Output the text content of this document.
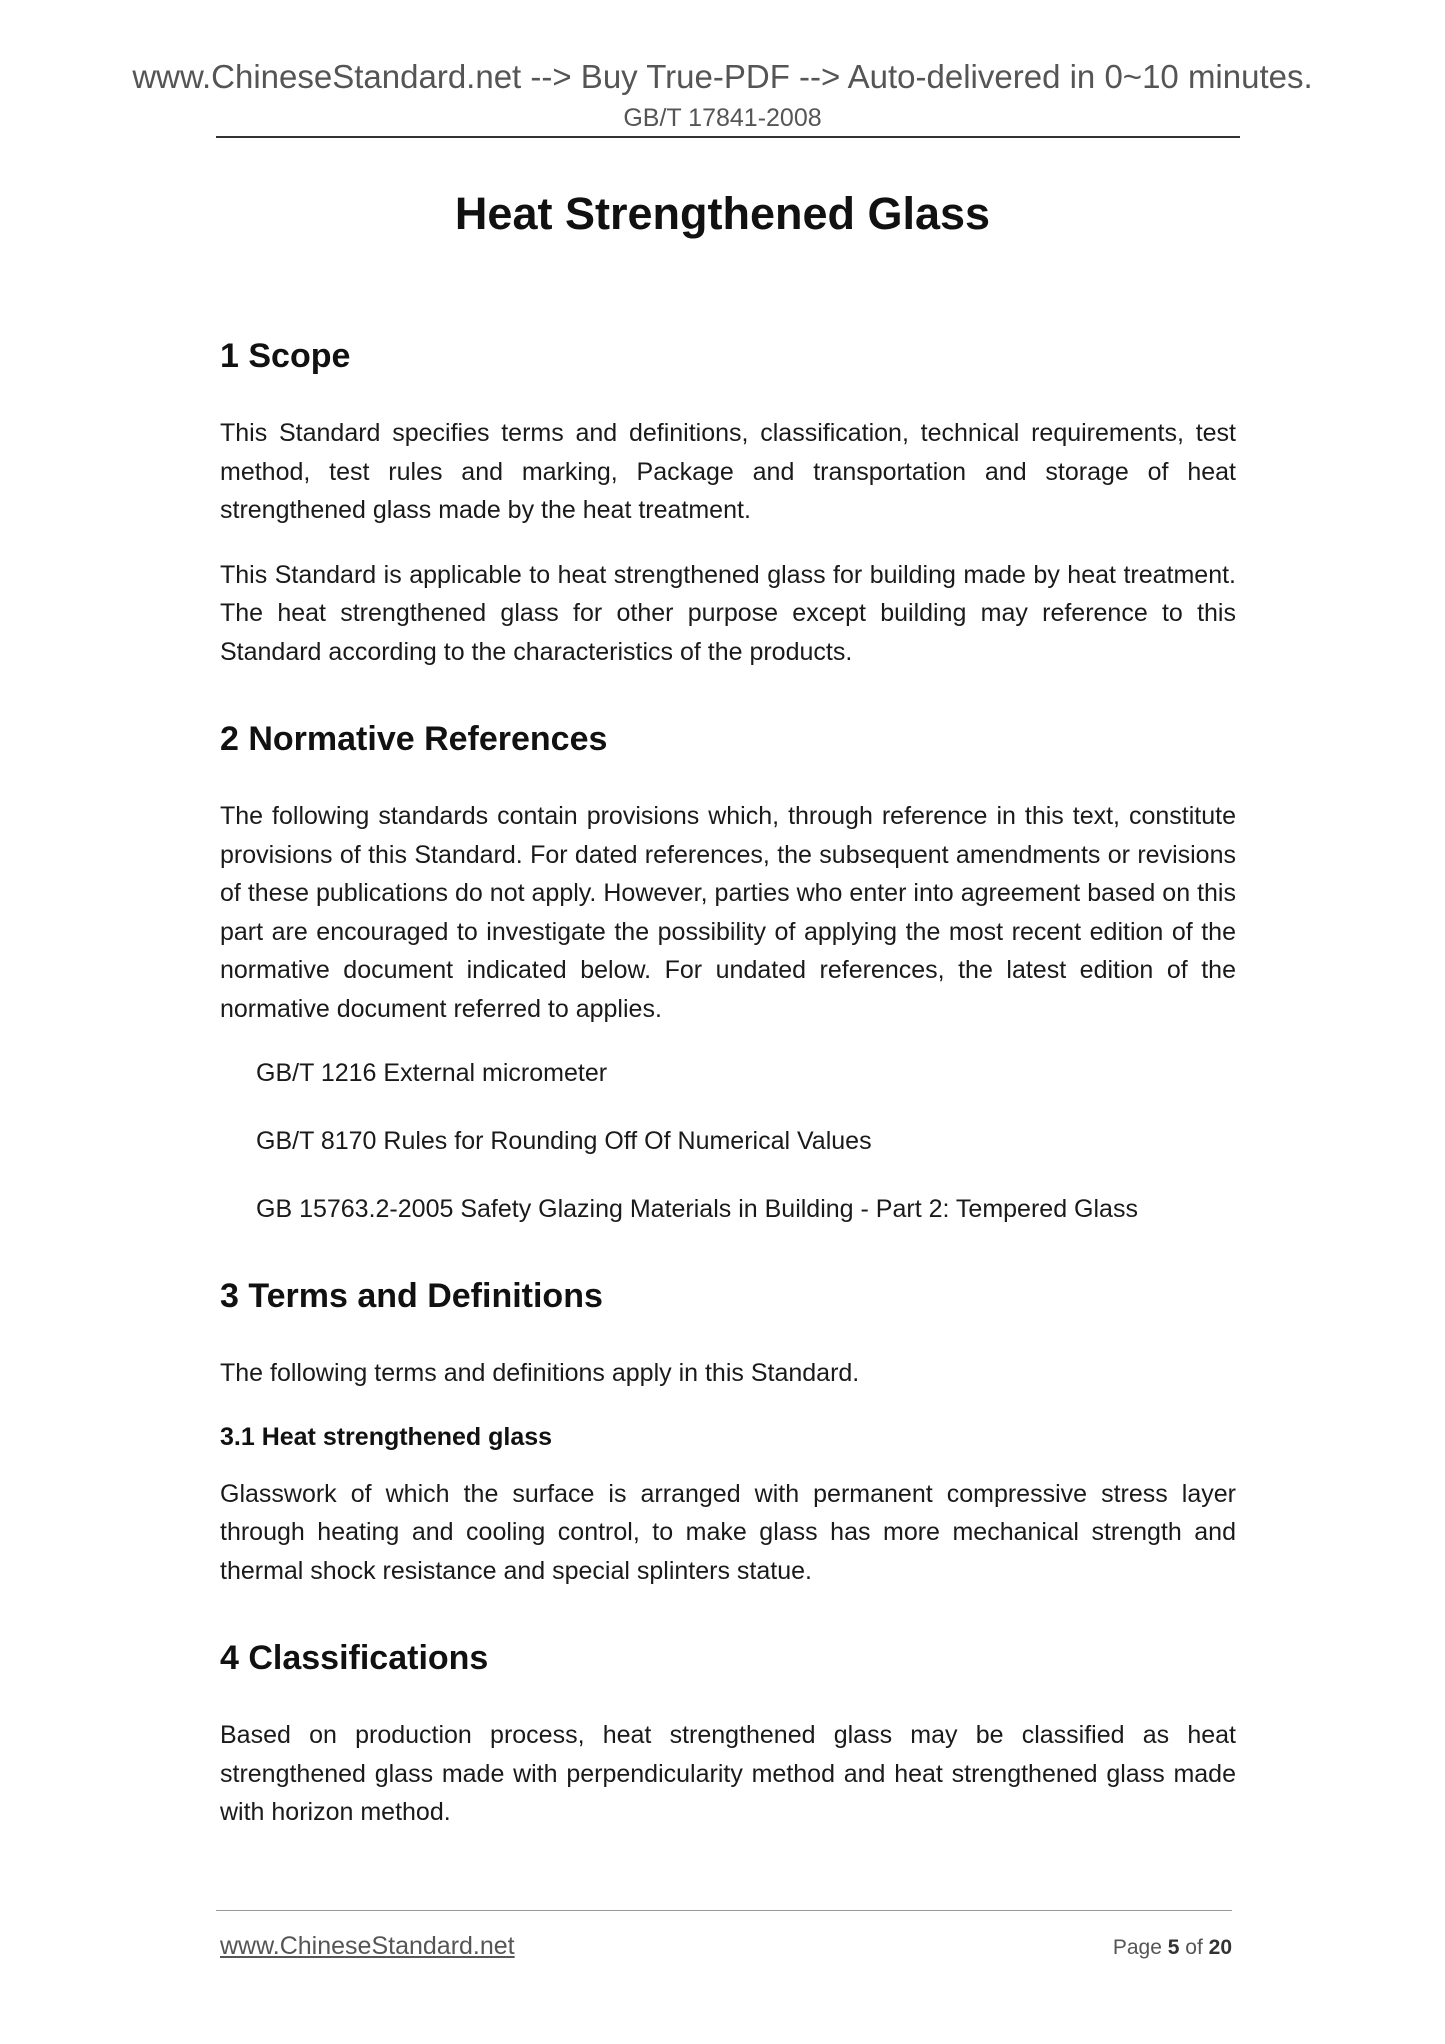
www.ChineseStandard.net --> Buy True-PDF --> Auto-delivered in 0~10 minutes.
GB/T 17841-2008
Heat Strengthened Glass
1 Scope

This Standard specifies terms and definitions, classification, technical requirements, test method, test rules and marking, Package and transportation and storage of heat strengthened glass made by the heat treatment.

This Standard is applicable to heat strengthened glass for building made by heat treatment. The heat strengthened glass for other purpose except building may reference to this Standard according to the characteristics of the products.

2 Normative References

The following standards contain provisions which, through reference in this text, constitute provisions of this Standard. For dated references, the subsequent amendments or revisions of these publications do not apply. However, parties who enter into agreement based on this part are encouraged to investigate the possibility of applying the most recent edition of the normative document indicated below. For undated references, the latest edition of the normative document referred to applies.

GB/T 1216 External micrometer
GB/T 8170 Rules for Rounding Off Of Numerical Values
GB 15763.2-2005 Safety Glazing Materials in Building - Part 2: Tempered Glass
3 Terms and Definitions

The following terms and definitions apply in this Standard.

3.1 Heat strengthened glass

Glasswork of which the surface is arranged with permanent compressive stress layer through heating and cooling control, to make glass has more mechanical strength and thermal shock resistance and special splinters statue.

4 Classifications

Based on production process, heat strengthened glass may be classified as heat strengthened glass made with perpendicularity method and heat strengthened glass made with horizon method.

www.ChineseStandard.net	Page 5 of 20
